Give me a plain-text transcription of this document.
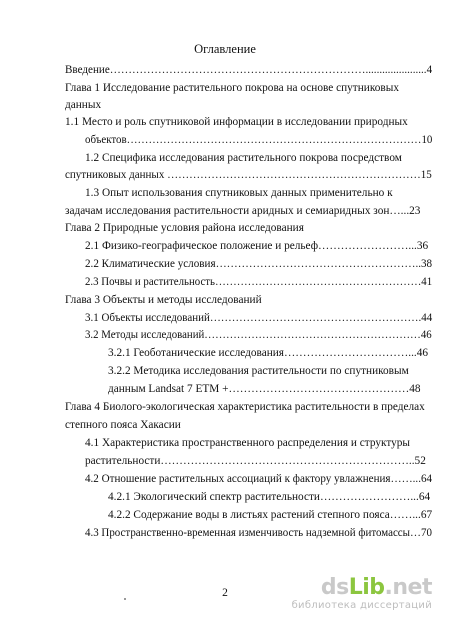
Оглавление
Введение……………………………………………………………......................4
Глава 1 Исследование растительного покрова на основе спутниковых
данных
1.1 Место и роль спутниковой информации в исследовании природных
объектов………………………………………………………………………10
1.2 Специфика исследования растительного покрова посредством
спутниковых данных ……………………………………………………………15
1.3 Опыт использования спутниковых данных применительно к
задачам исследования растительности аридных и семиаридных зон…...23
Глава 2 Природные условия района исследования
2.1 Физико-географическое положение и рельеф……………………...36
2.2 Климатические условия………………………………………………..38
2.3 Почвы и растительность…………………………………………………41
Глава 3 Объекты и методы исследований
3.1 Объекты исследований………………………………………………….44
3.2 Методы исследований……………………………………………………46
3.2.1 Геоботанические исследования……………………………...46
3.2.2 Методика исследования растительности по спутниковым
данным Landsat 7 ETM +…………………………………………48
Глава 4 Биолого-экологическая характеристика растительности в пределах
степного пояса Хакасии
4.1 Характеристика пространственного распределения и структуры
растительности…………………………………………………………..52
4.2 Отношение растительных ассоциаций к фактору увлажнения……...64
4.2.1 Экологический спектр растительности……………………...64
4.2.2 Содержание воды в листьях растений степного пояса……...67
4.3 Пространственно-временная изменчивость надземной фитомассы…70
2	dsLib.net
библиотека диссертаций
